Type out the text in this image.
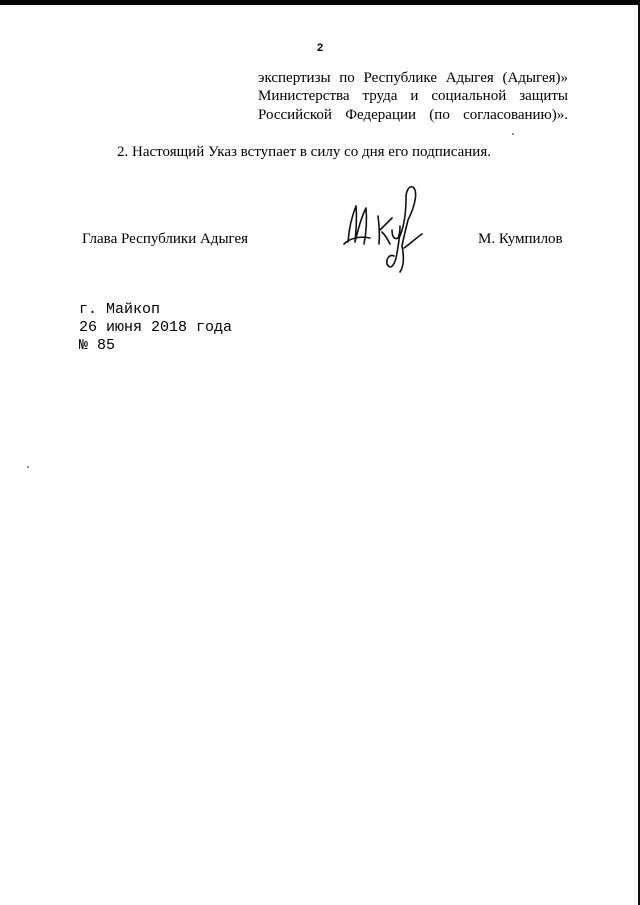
2
экспертизы по Республике Адыгея (Адыгея)»
Министерства труда и социальной защиты
Российской Федерации (по согласованию)».
2. Настоящий Указ вступает в силу со дня его подписания.
Глава Республики Адыгея	М. Кумпилов
г. Майкоп
26 июня 2018 года
№ 85
